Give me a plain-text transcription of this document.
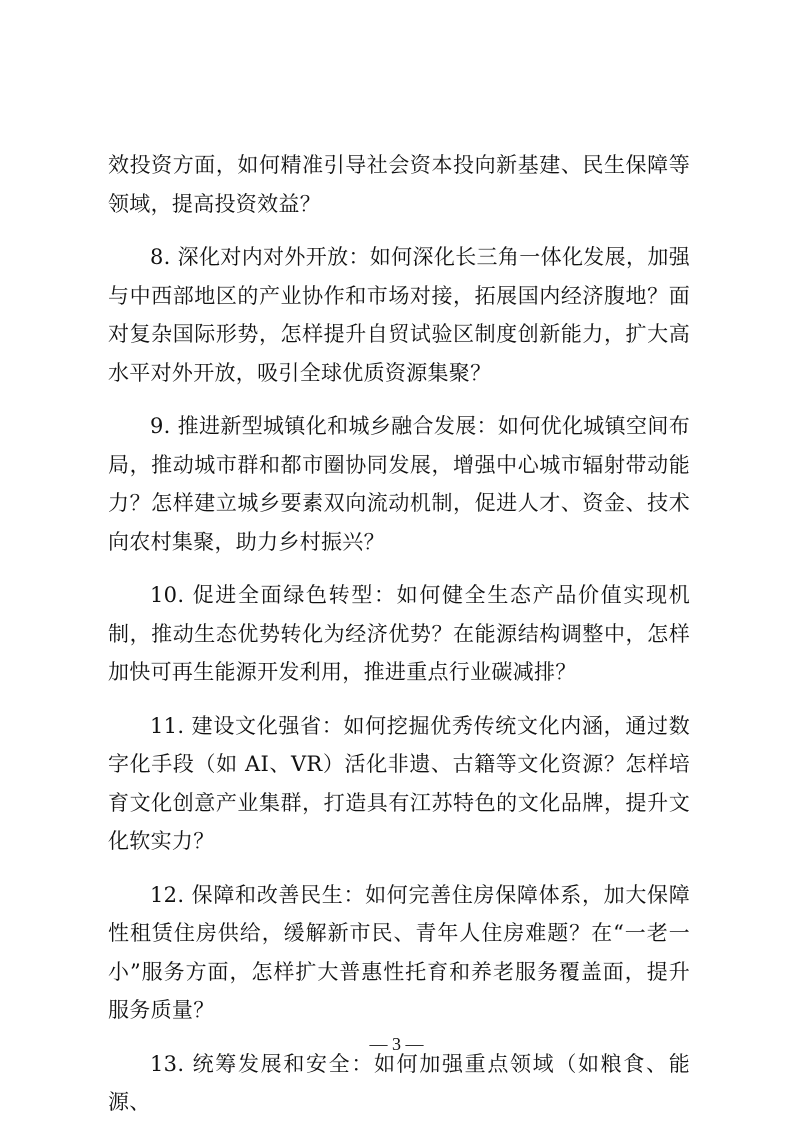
效投资方面，如何精准引导社会资本投向新基建、民生保障等领域，提高投资效益？

8. 深化对内对外开放：如何深化长三角一体化发展，加强与中西部地区的产业协作和市场对接，拓展国内经济腹地？面对复杂国际形势，怎样提升自贸试验区制度创新能力，扩大高水平对外开放，吸引全球优质资源集聚？

9. 推进新型城镇化和城乡融合发展：如何优化城镇空间布局，推动城市群和都市圈协同发展，增强中心城市辐射带动能力？怎样建立城乡要素双向流动机制，促进人才、资金、技术向农村集聚，助力乡村振兴？

10. 促进全面绿色转型：如何健全生态产品价值实现机制，推动生态优势转化为经济优势？在能源结构调整中，怎样加快可再生能源开发利用，推进重点行业碳减排？

11. 建设文化强省：如何挖掘优秀传统文化内涵，通过数字化手段（如 AI、VR）活化非遗、古籍等文化资源？怎样培育文化创意产业集群，打造具有江苏特色的文化品牌，提升文化软实力？

12. 保障和改善民生：如何完善住房保障体系，加大保障性租赁住房供给，缓解新市民、青年人住房难题？在“一老一小”服务方面，怎样扩大普惠性托育和养老服务覆盖面，提升服务质量？

13. 统筹发展和安全：如何加强重点领域（如粮食、能源、

— 3 —
